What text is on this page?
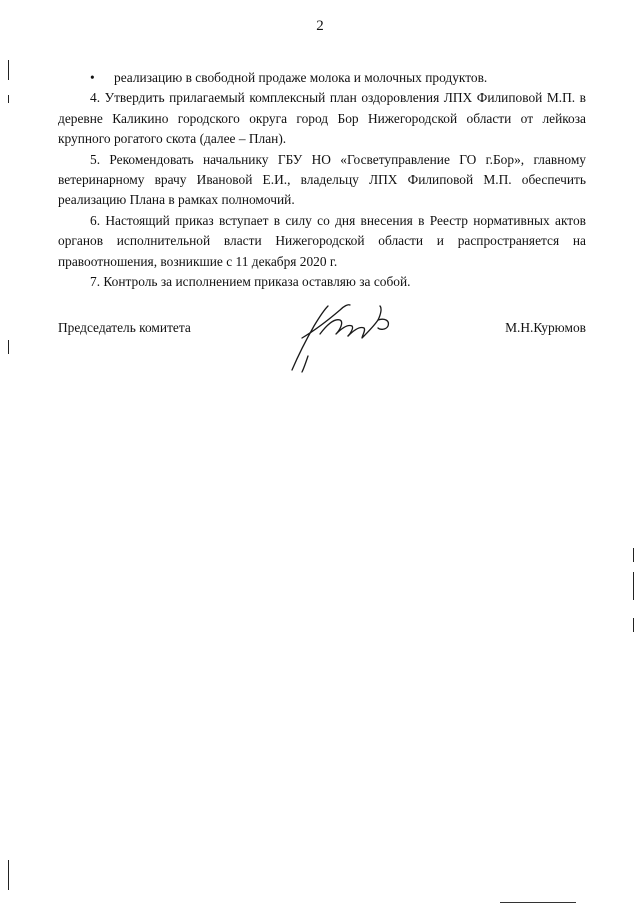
2

• реализацию в свободной продаже молока и молочных продуктов.

4. Утвердить прилагаемый комплексный план оздоровления ЛПХ Филиповой М.П. в деревне Каликино городского округа город Бор Нижегородской области от лейкоза крупного рогатого скота (далее – План).

5. Рекомендовать начальнику ГБУ НО «Госветуправление ГО г.Бор», главному ветеринарному врачу Ивановой Е.И., владельцу ЛПХ Филиповой М.П. обеспечить реализацию Плана в рамках полномочий.

6. Настоящий приказ вступает в силу со дня внесения в Реестр нормативных актов органов исполнительной власти Нижегородской области и распространяется на правоотношения, возникшие с 11 декабря 2020 г.

7. Контроль за исполнением приказа оставляю за собой.

Председатель комитета	М.Н.Курюмов
